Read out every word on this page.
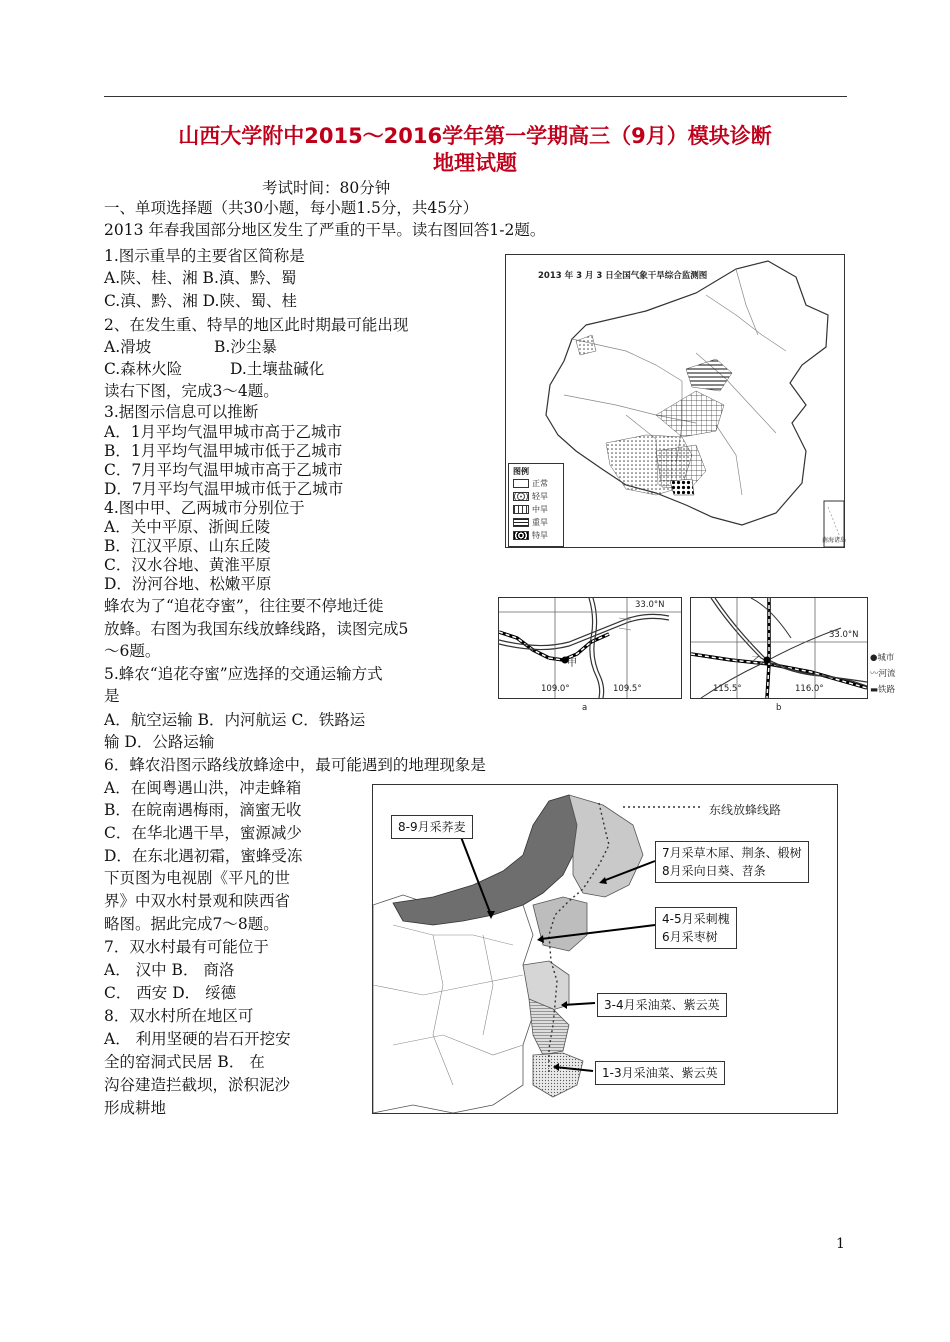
山西大学附中2015～2016学年第一学期高三（9月）模块诊断
地理试题
考试时间：80分钟
一、单项选择题（共30小题，每小题1.5分，共45分）
2013 年春我国部分地区发生了严重的干旱。读右图回答1-2题。
1.图示重旱的主要省区简称是
A.陕、桂、湘 B.滇、黔、蜀
C.滇、黔、湘 D.陕、蜀、桂
2、在发生重、特旱的地区此时期最可能出现
A.滑坡	B.沙尘暴
C.森林火险	D.土壤盐碱化
读右下图，完成3～4题。
3.据图示信息可以推断
A．1月平均气温甲城市高于乙城市
B．1月平均气温甲城市低于乙城市
C．7月平均气温甲城市高于乙城市
D．7月平均气温甲城市低于乙城市
4.图中甲、乙两城市分别位于
A．关中平原、浙闽丘陵
B．江汉平原、山东丘陵
C．汉水谷地、黄淮平原
D．汾河谷地、松嫩平原
蜂农为了“追花夺蜜”，往往要不停地迁徙
放蜂。右图为我国东线放蜂线路，读图完成5
～6题。
5.蜂农“追花夺蜜”应选择的交通运输方式
是
A．航空运输 B．内河航运 C．铁路运
输 D．公路运输
6．蜂农沿图示路线放蜂途中，最可能遇到的地理现象是
A．在闽粤遇山洪，冲走蜂箱
B．在皖南遇梅雨，滴蜜无收
C．在华北遇干旱，蜜源减少
D．在东北遇初霜，蜜蜂受冻
下页图为电视剧《平凡的世
界》中双水村景观和陕西省
略图。据此完成7～8题。
7．双水村最有可能位于
A． 汉中 B． 商洛
C． 西安 D． 绥德
8．双水村所在地区可
A． 利用坚硬的岩石开挖安
全的窑洞式民居 B． 在
沟谷建造拦截坝，淤积泥沙
形成耕地
2013 年 3 月 3 日全国气象干旱综合监测图
图例
正常
轻旱
中旱
重旱
特旱
南海诸岛
33.0°N
甲
109.0°	109.5°
a
33.0°N
乙
115.5°	116.0°
b
●城市
〰河流
▬铁路
东线放蜂线路
8-9月采荞麦
7月采草木犀、荆条、椴树
8月采向日葵、苕条
4-5月采刺槐
6月采枣树
3-4月采油菜、紫云英
1-3月采油菜、紫云英
1
